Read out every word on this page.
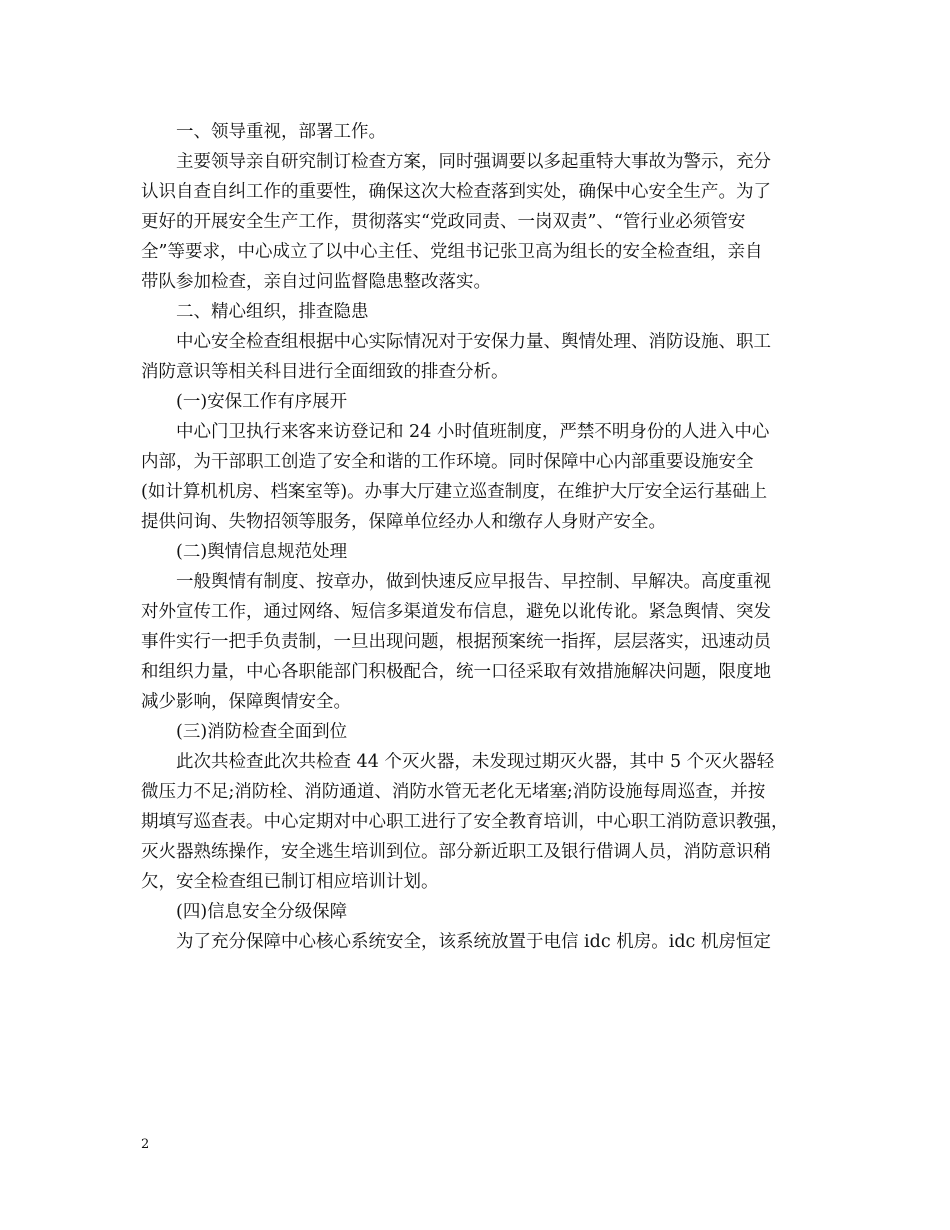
一、领导重视，部署工作。
主要领导亲自研究制订检查方案，同时强调要以多起重特大事故为警示，充分
认识自查自纠工作的重要性，确保这次大检查落到实处，确保中心安全生产。为了
更好的开展安全生产工作，贯彻落实“党政同责、一岗双责”、“管行业必须管安
全”等要求，中心成立了以中心主任、党组书记张卫高为组长的安全检查组，亲自
带队参加检查，亲自过问监督隐患整改落实。
二、精心组织，排查隐患
中心安全检查组根据中心实际情况对于安保力量、舆情处理、消防设施、职工
消防意识等相关科目进行全面细致的排查分析。
(一)安保工作有序展开
中心门卫执行来客来访登记和 24 小时值班制度，严禁不明身份的人进入中心
内部，为干部职工创造了安全和谐的工作环境。同时保障中心内部重要设施安全
(如计算机机房、档案室等)。办事大厅建立巡查制度，在维护大厅安全运行基础上
提供问询、失物招领等服务，保障单位经办人和缴存人身财产安全。
(二)舆情信息规范处理
一般舆情有制度、按章办，做到快速反应早报告、早控制、早解决。高度重视
对外宣传工作，通过网络、短信多渠道发布信息，避免以讹传讹。紧急舆情、突发
事件实行一把手负责制，一旦出现问题，根据预案统一指挥，层层落实，迅速动员
和组织力量，中心各职能部门积极配合，统一口径采取有效措施解决问题，限度地
减少影响，保障舆情安全。
(三)消防检查全面到位
此次共检查此次共检查 44 个灭火器，未发现过期灭火器，其中 5 个灭火器轻
微压力不足;消防栓、消防通道、消防水管无老化无堵塞;消防设施每周巡查，并按
期填写巡查表。中心定期对中心职工进行了安全教育培训，中心职工消防意识教强，
灭火器熟练操作，安全逃生培训到位。部分新近职工及银行借调人员，消防意识稍
欠，安全检查组已制订相应培训计划。
(四)信息安全分级保障
为了充分保障中心核心系统安全，该系统放置于电信 idc 机房。idc 机房恒定
2
